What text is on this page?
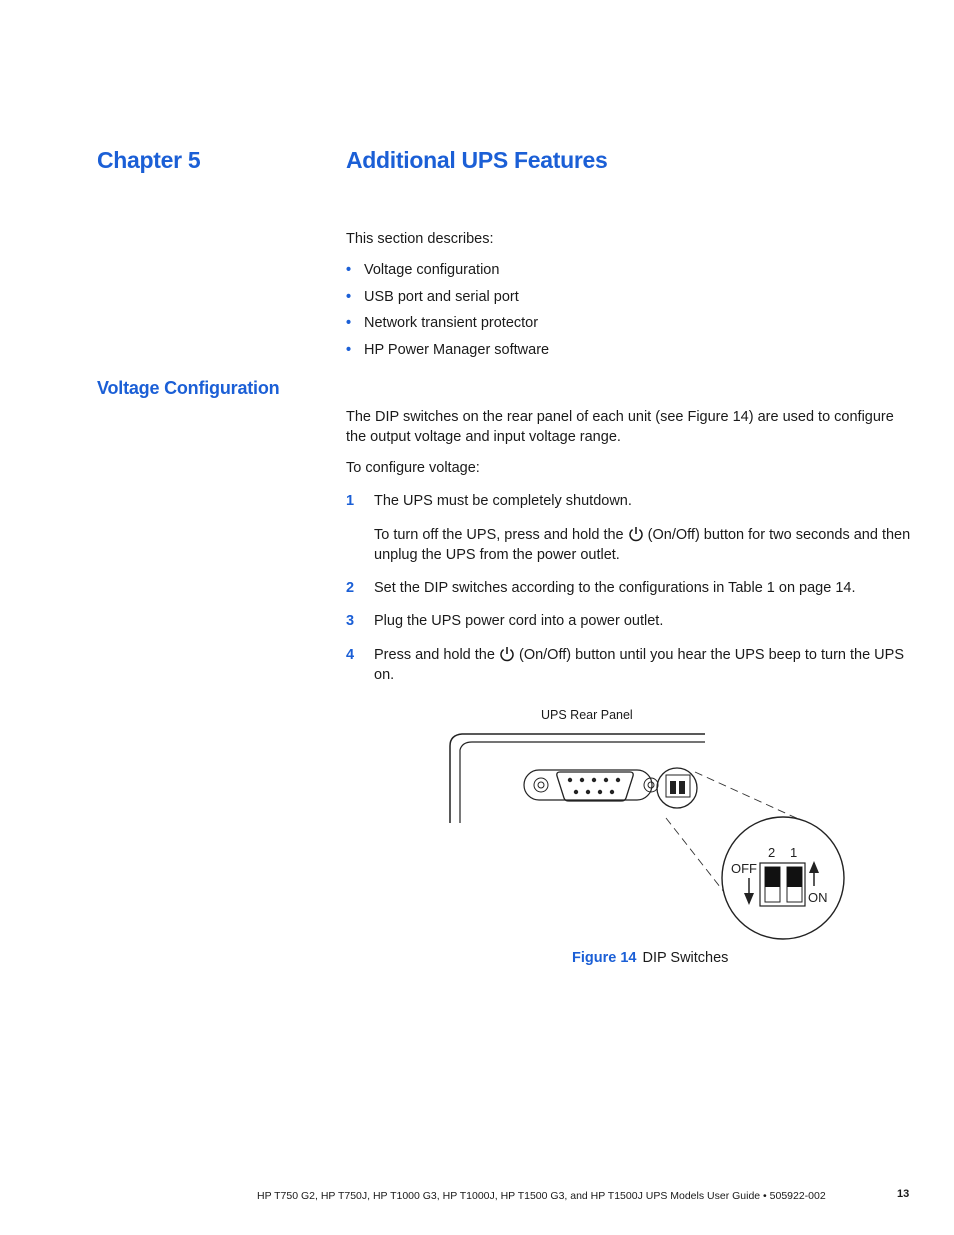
Chapter 5	Additional UPS Features
This section describes:
• Voltage configuration
• USB port and serial port
• Network transient protector
• HP Power Manager software
Voltage Configuration
The DIP switches on the rear panel of each unit (see Figure 14) are used to configure the output voltage and input voltage range.
To configure voltage:
1 The UPS must be completely shutdown.
To turn off the UPS, press and hold the (On/Off) button for two seconds and then unplug the UPS from the power outlet.
2 Set the DIP switches according to the configurations in Table 1 on page 14.
3 Plug the UPS power cord into a power outlet.
4 Press and hold the (On/Off) button until you hear the UPS beep to turn the UPS on.
UPS Rear Panel
2 1
OFF
ON
Figure 14 DIP Switches
HP T750 G2, HP T750J, HP T1000 G3, HP T1000J, HP T1500 G3, and HP T1500J UPS Models User Guide • 505922-002	13
